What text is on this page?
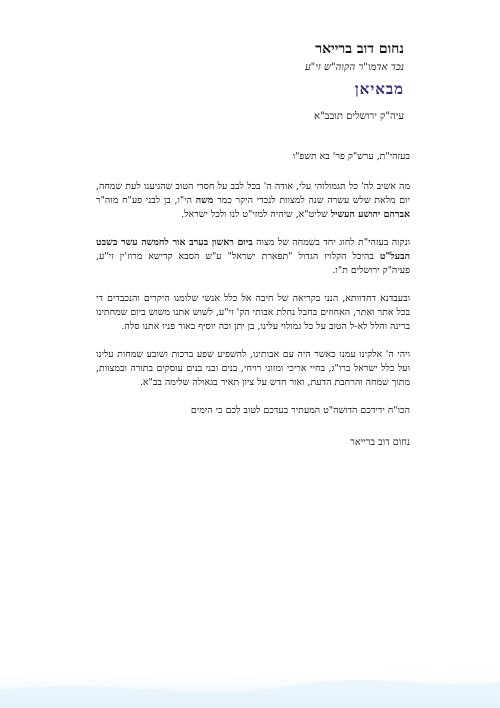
נחום דוב ברייאר
נכד אדמו"ר הקוה"ש זי"ע
מבאיאן
עיה"ק ירושלים תובב"א

בעזהי"ת, ערש"ק פר' בא תשפ"ו

מה אשיב לה' כל תגמולוהי עלי, אודה ה' בכל לבב על חסדי הטוב שהגיענו לעת שמחה, יום מלאת שלש עשרה שנה למצוות לנכדי היקר כמר משה הי"ו, בן לבני פע"ח מוה"ר אברהם יהושע העשיל שליט"א, שיהיה למזי"ט לנו ולכל ישראל.

ונקוה בעזהי"ת לחוג יחד בשמחה של מצוה ביום ראשון בערב אור לחמשה עשר בשבט הבעל"ט בהיכל הקלויז הגדול "תפארת ישראל" ע"ש הסבא קדישא מרוז'ין זי"ע, פעיה"ק ירושלים ת"ו.

ובעבדנא דחדוותא, הנני בקריאה של חיבה אל כלל אנשי שלומנו היקרים והנכבדים די בכל אתר ואתר, האחוזים בחבל נחלת אבותי הק' זי"ע, לשוש אתנו משוש ביום שמחתינו ברינה והלל לא-ל הטוב על כל גמולוי עלינו, בן יתן וכה יוסיף באור פניו אתנו סלה.

ויהי ה' אלקינו עמנו כאשר היה עם אבותינו, להשפיע שפע ברכות ושובע שמחות עלינו ועל כלל ישראל ברו"ג, בחיי אריכי ומזוני רויחי, בנים ובני בנים עוסקים בתורה ובמצוות, מתוך שמחה והרחבת הדעת, ואור חדש על ציון תאיר בגאולה שלימה בב"א.

הכו"ח ידידכם הדושה"ט המעתיר בעדכם לטוב לכם כי הימים

נחום דוב ברייאר
